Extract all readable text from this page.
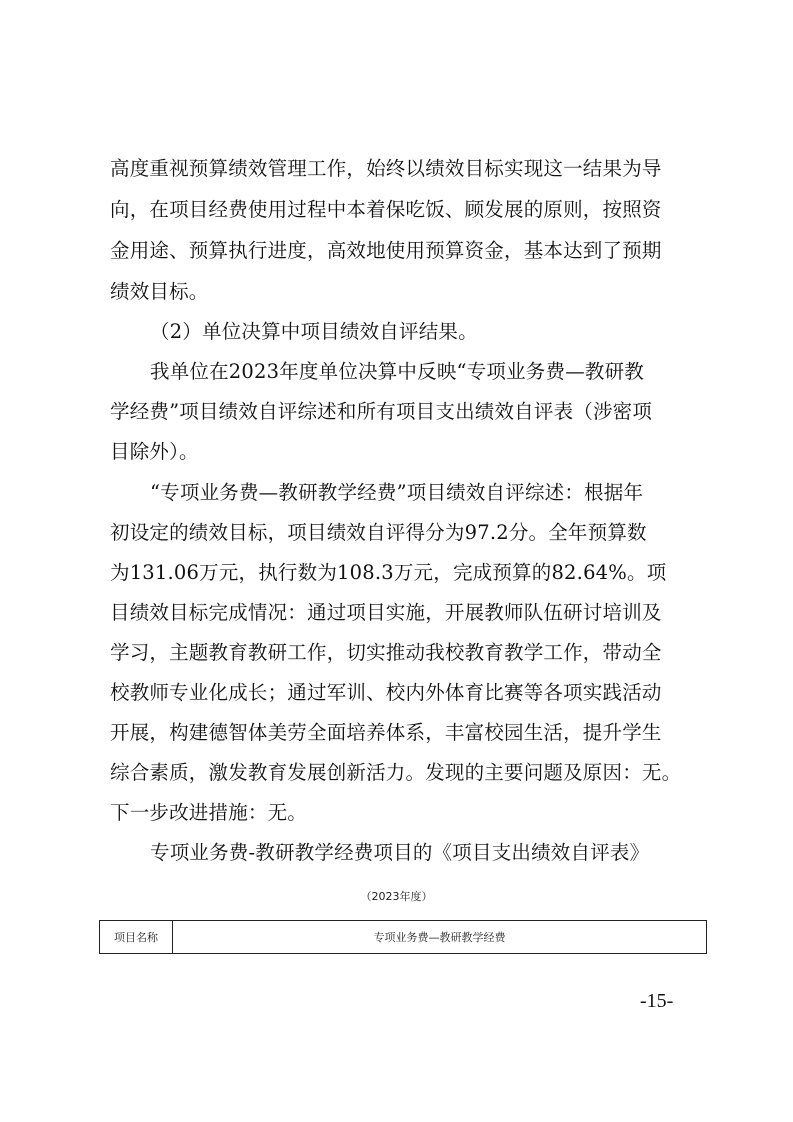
高度重视预算绩效管理工作，始终以绩效目标实现这一结果为导
向，在项目经费使用过程中本着保吃饭、顾发展的原则，按照资
金用途、预算执行进度，高效地使用预算资金，基本达到了预期
绩效目标。
（2）单位决算中项目绩效自评结果。
我单位在2023年度单位决算中反映“专项业务费—教研教
学经费”项目绩效自评综述和所有项目支出绩效自评表（涉密项
目除外）。
“专项业务费—教研教学经费”项目绩效自评综述：根据年
初设定的绩效目标，项目绩效自评得分为97.2分。全年预算数
为131.06万元，执行数为108.3万元，完成预算的82.64%。项
目绩效目标完成情况：通过项目实施，开展教师队伍研讨培训及
学习，主题教育教研工作，切实推动我校教育教学工作，带动全
校教师专业化成长；通过军训、校内外体育比赛等各项实践活动
开展，构建德智体美劳全面培养体系，丰富校园生活，提升学生
综合素质，激发教育发展创新活力。发现的主要问题及原因：无。
下一步改进措施：无。
专项业务费-教研教学经费项目的《项目支出绩效自评表》
（2023年度）
项目名称	专项业务费—教研教学经费
-15-
